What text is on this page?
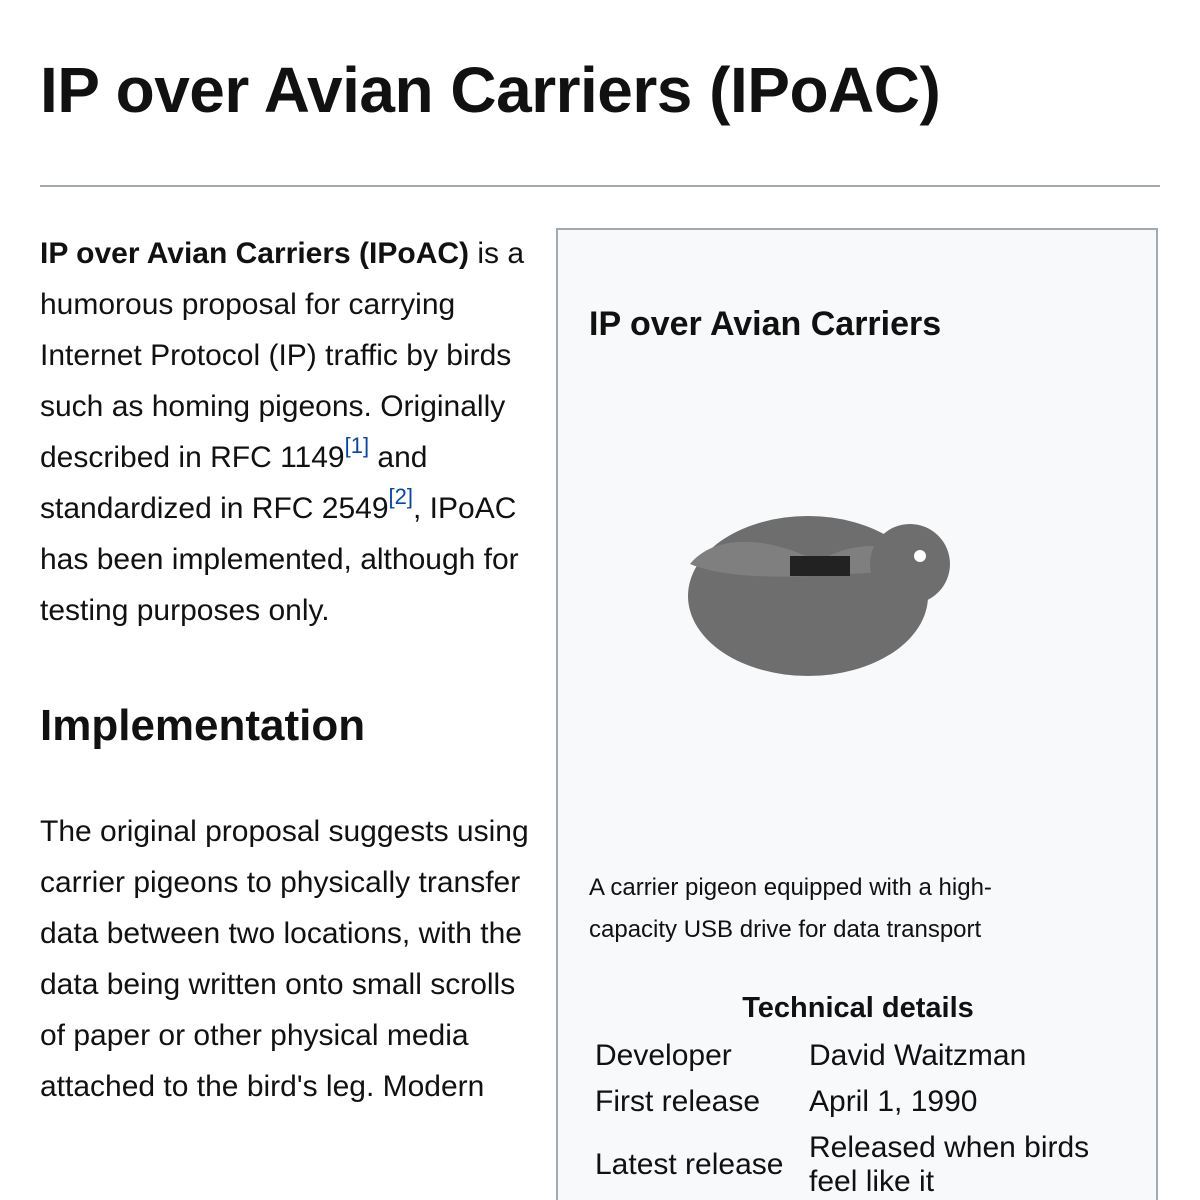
IP over Avian Carriers (IPoAC)

IP over Avian Carriers (IPoAC) is a humorous proposal for carrying Internet Protocol (IP) traffic by birds such as homing pigeons. Originally described in RFC 1149[1] and standardized in RFC 2549[2], IPoAC has been implemented, although for testing purposes only.

Implementation

The original proposal suggests using carrier pigeons to physically transfer data between two locations, with the data being written onto small scrolls of paper or other physical media attached to the bird's leg. Modern

IP over Avian Carriers
A carrier pigeon equipped with a high-capacity USB drive for data transport
Technical details
Developer	David Waitzman
First release	April 1, 1990
Latest release
Released when birds feel like it
